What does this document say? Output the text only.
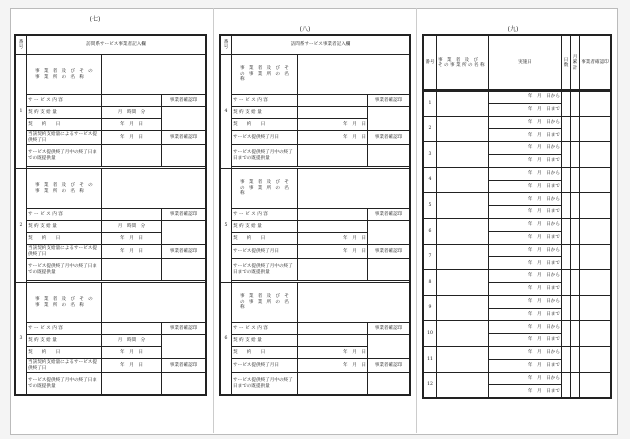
(七)
番号	訪問系サービス事業者記入欄		
1	事 業 者 及 び そ の 事 業 所 の 名 称		
	サ ー ビ ス 内 容		事業者確認印
	契 約 支 給 量	月　時間　分	
	契　　約　　日	年　月　日	
	当該契約支給量によるサービス提供終了日	年　月　日	事業者確認印
	サービス提供終了月中の終了日までの既提供量		

2	事 業 者 及 び そ の 事 業 所 の 名 称		
	サ ー ビ ス 内 容		事業者確認印
	契 約 支 給 量	月　時間　分	
	契　　約　　日	年　月　日	
	当該契約支給量によるサービス提供終了日	年　月　日	事業者確認印
	サービス提供終了月中の終了日までの既提供量		

3	事 業 者 及 び そ の 事 業 所 の 名 称		
	サ ー ビ ス 内 容		事業者確認印
	契 約 支 給 量	月　時間　分	
	契　　約　　日	年　月　日	
	当該契約支給量によるサービス提供終了日	年　月　日	事業者確認印
	サービス提供終了月中の終了日までの既提供量		
(八)
番号	訪問系サービス事業者記入欄		
4	事 業 者 及 び そ の 事 業 所 の 名 称		
	サ ー ビ ス 内 容		事業者確認印
	契 約 支 給 量		
	契　　約　　日	年　月　日	
	サービス提供終了月日	年　月　日	事業者確認印
	サービス提供終了月中の終了日までの既提供量		

5	事 業 者 及 び そ の 事 業 所 の 名 称		
	サ ー ビ ス 内 容		事業者確認印
	契 約 支 給 量		
	契　　約　　日	年　月　日	
	サービス提供終了月日	年　月　日	事業者確認印
	サービス提供終了月中の終了日までの既提供量		

6	事 業 者 及 び そ の 事 業 所 の 名 称		
	サ ー ビ ス 内 容		事業者確認印
	契 約 支 給 量		
	契　　約　　日	年　月　日	
	サービス提供終了月日	年　月　日	事業者確認印
	サービス提供終了月中の終了日までの既提供量		
(九)
番号	事 業 者 及 び その事業所の名称	実施日	日数	月累計	事業者確認印
1		年　月　日から			
		年　月　日まで			
2		年　月　日から			
		年　月　日まで			
3		年　月　日から			
		年　月　日まで			
4		年　月　日から			
		年　月　日まで			
5		年　月　日から			
		年　月　日まで			
6		年　月　日から			
		年　月　日まで			
7		年　月　日から			
		年　月　日まで			
8		年　月　日から			
		年　月　日まで			
9		年　月　日から			
		年　月　日まで			
10		年　月　日から			
		年　月　日まで			
11		年　月　日から			
		年　月　日まで			
12		年　月　日から			
		年　月　日まで			
